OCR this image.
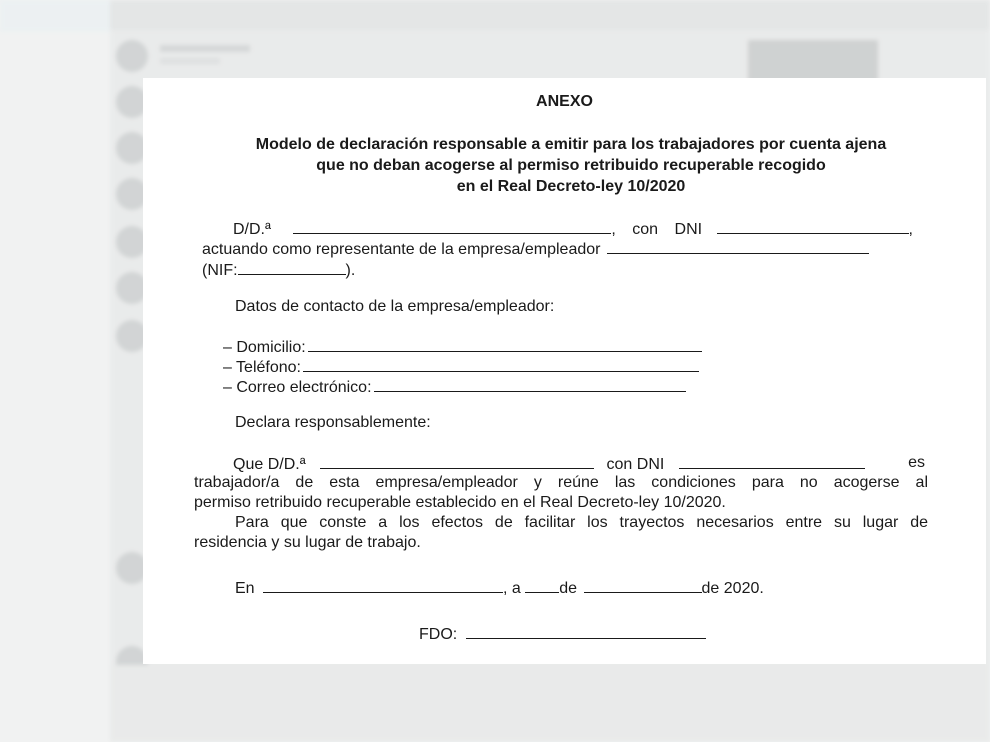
ANEXO
Modelo de declaración responsable a emitir para los trabajadores por cuenta ajena
que no deban acogerse al permiso retribuido recuperable recogido
en el Real Decreto-ley 10/2020
D/D.ª	, con DNI	,
actuando como representante de la empresa/empleador
(NIF:	).
Datos de contacto de la empresa/empleador:
– Domicilio:
– Teléfono:
– Correo electrónico:
Declara responsablemente:
Que D/D.ª	con DNI	es
trabajador/a de esta empresa/empleador y reúne las condiciones para no acogerse al
permiso retribuido recuperable establecido en el Real Decreto-ley 10/2020.
Para que conste a los efectos de facilitar los trayectos necesarios entre su lugar de
residencia y su lugar de trabajo.
En	, a de	de 2020.
FDO:
